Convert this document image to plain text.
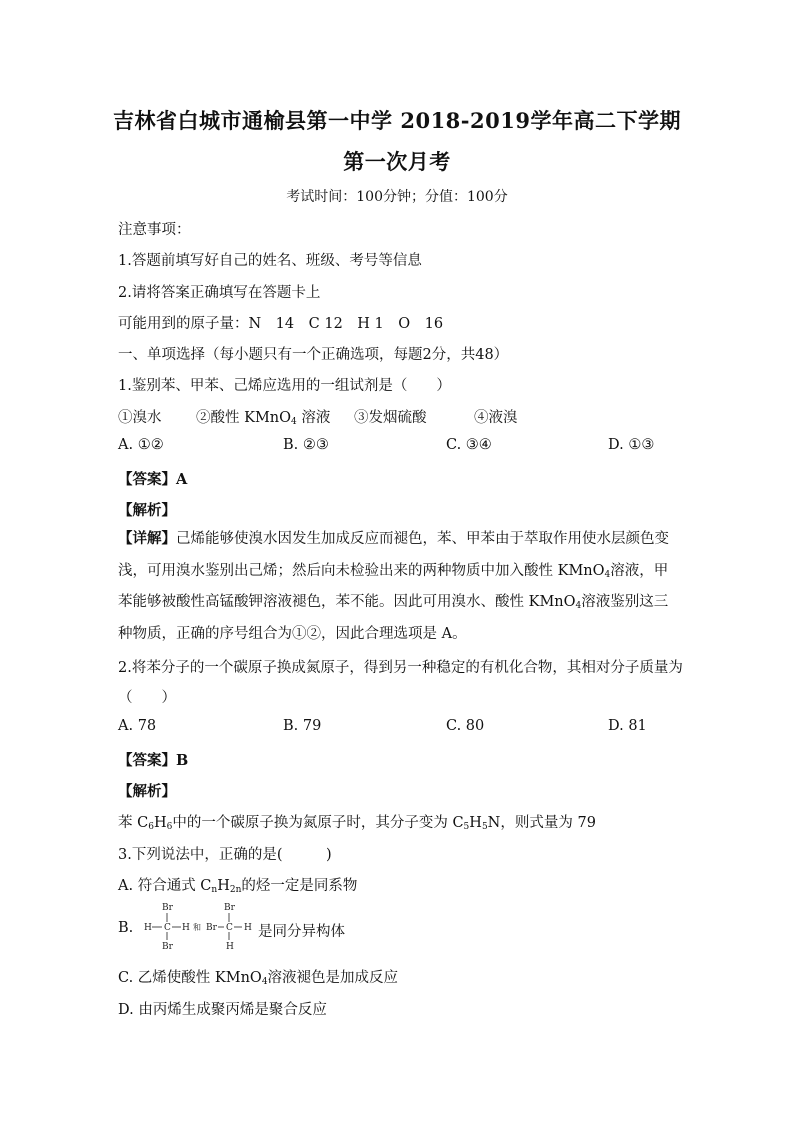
吉林省白城市通榆县第一中学 2018-2019学年高二下学期
第一次月考
考试时间：100分钟；分值：100分
注意事项：
1.答题前填写好自己的姓名、班级、考号等信息
2.请将答案正确填写在答题卡上
可能用到的原子量：N　14　C 12　H 1　O　16
一、单项选择（每小题只有一个正确选项，每题2分，共48）
1.鉴别苯、甲苯、己烯应选用的一组试剂是（　　）
①溴水 ②酸性 KMnO$_4$ 溶液 ③发烟硫酸	④液溴
A. ①②	B. ②③	C. ③④	D. ①③
【答案】A
【解析】
【详解】己烯能够使溴水因发生加成反应而褪色，苯、甲苯由于萃取作用使水层颜色变浅，可用溴水鉴别出己烯；然后向未检验出来的两种物质中加入酸性 KMnO$_4$溶液，甲苯能够被酸性高锰酸钾溶液褪色，苯不能。因此可用溴水、酸性 KMnO$_4$溶液鉴别这三种物质，正确的序号组合为①②，因此合理选项是 A。
2.将苯分子的一个碳原子换成氮原子，得到另一种稳定的有机化合物，其相对分子质量为
（　　）
A. 78	B. 79	C. 80	D. 81
【答案】B
【解析】
苯 $C_6H_6$中的一个碳原子换为氮原子时，其分子变为 $C_5H_5N$，则式量为 79
3.下列说法中，正确的是(　　　)
A. 符合通式 $C_nH_{2n}$的烃一定是同系物
B.
Br
H C H
Br
和
Br
Br C H
H
是同分异构体
C. 乙烯使酸性 KMnO$_4$溶液褪色是加成反应
D. 由丙烯生成聚丙烯是聚合反应
